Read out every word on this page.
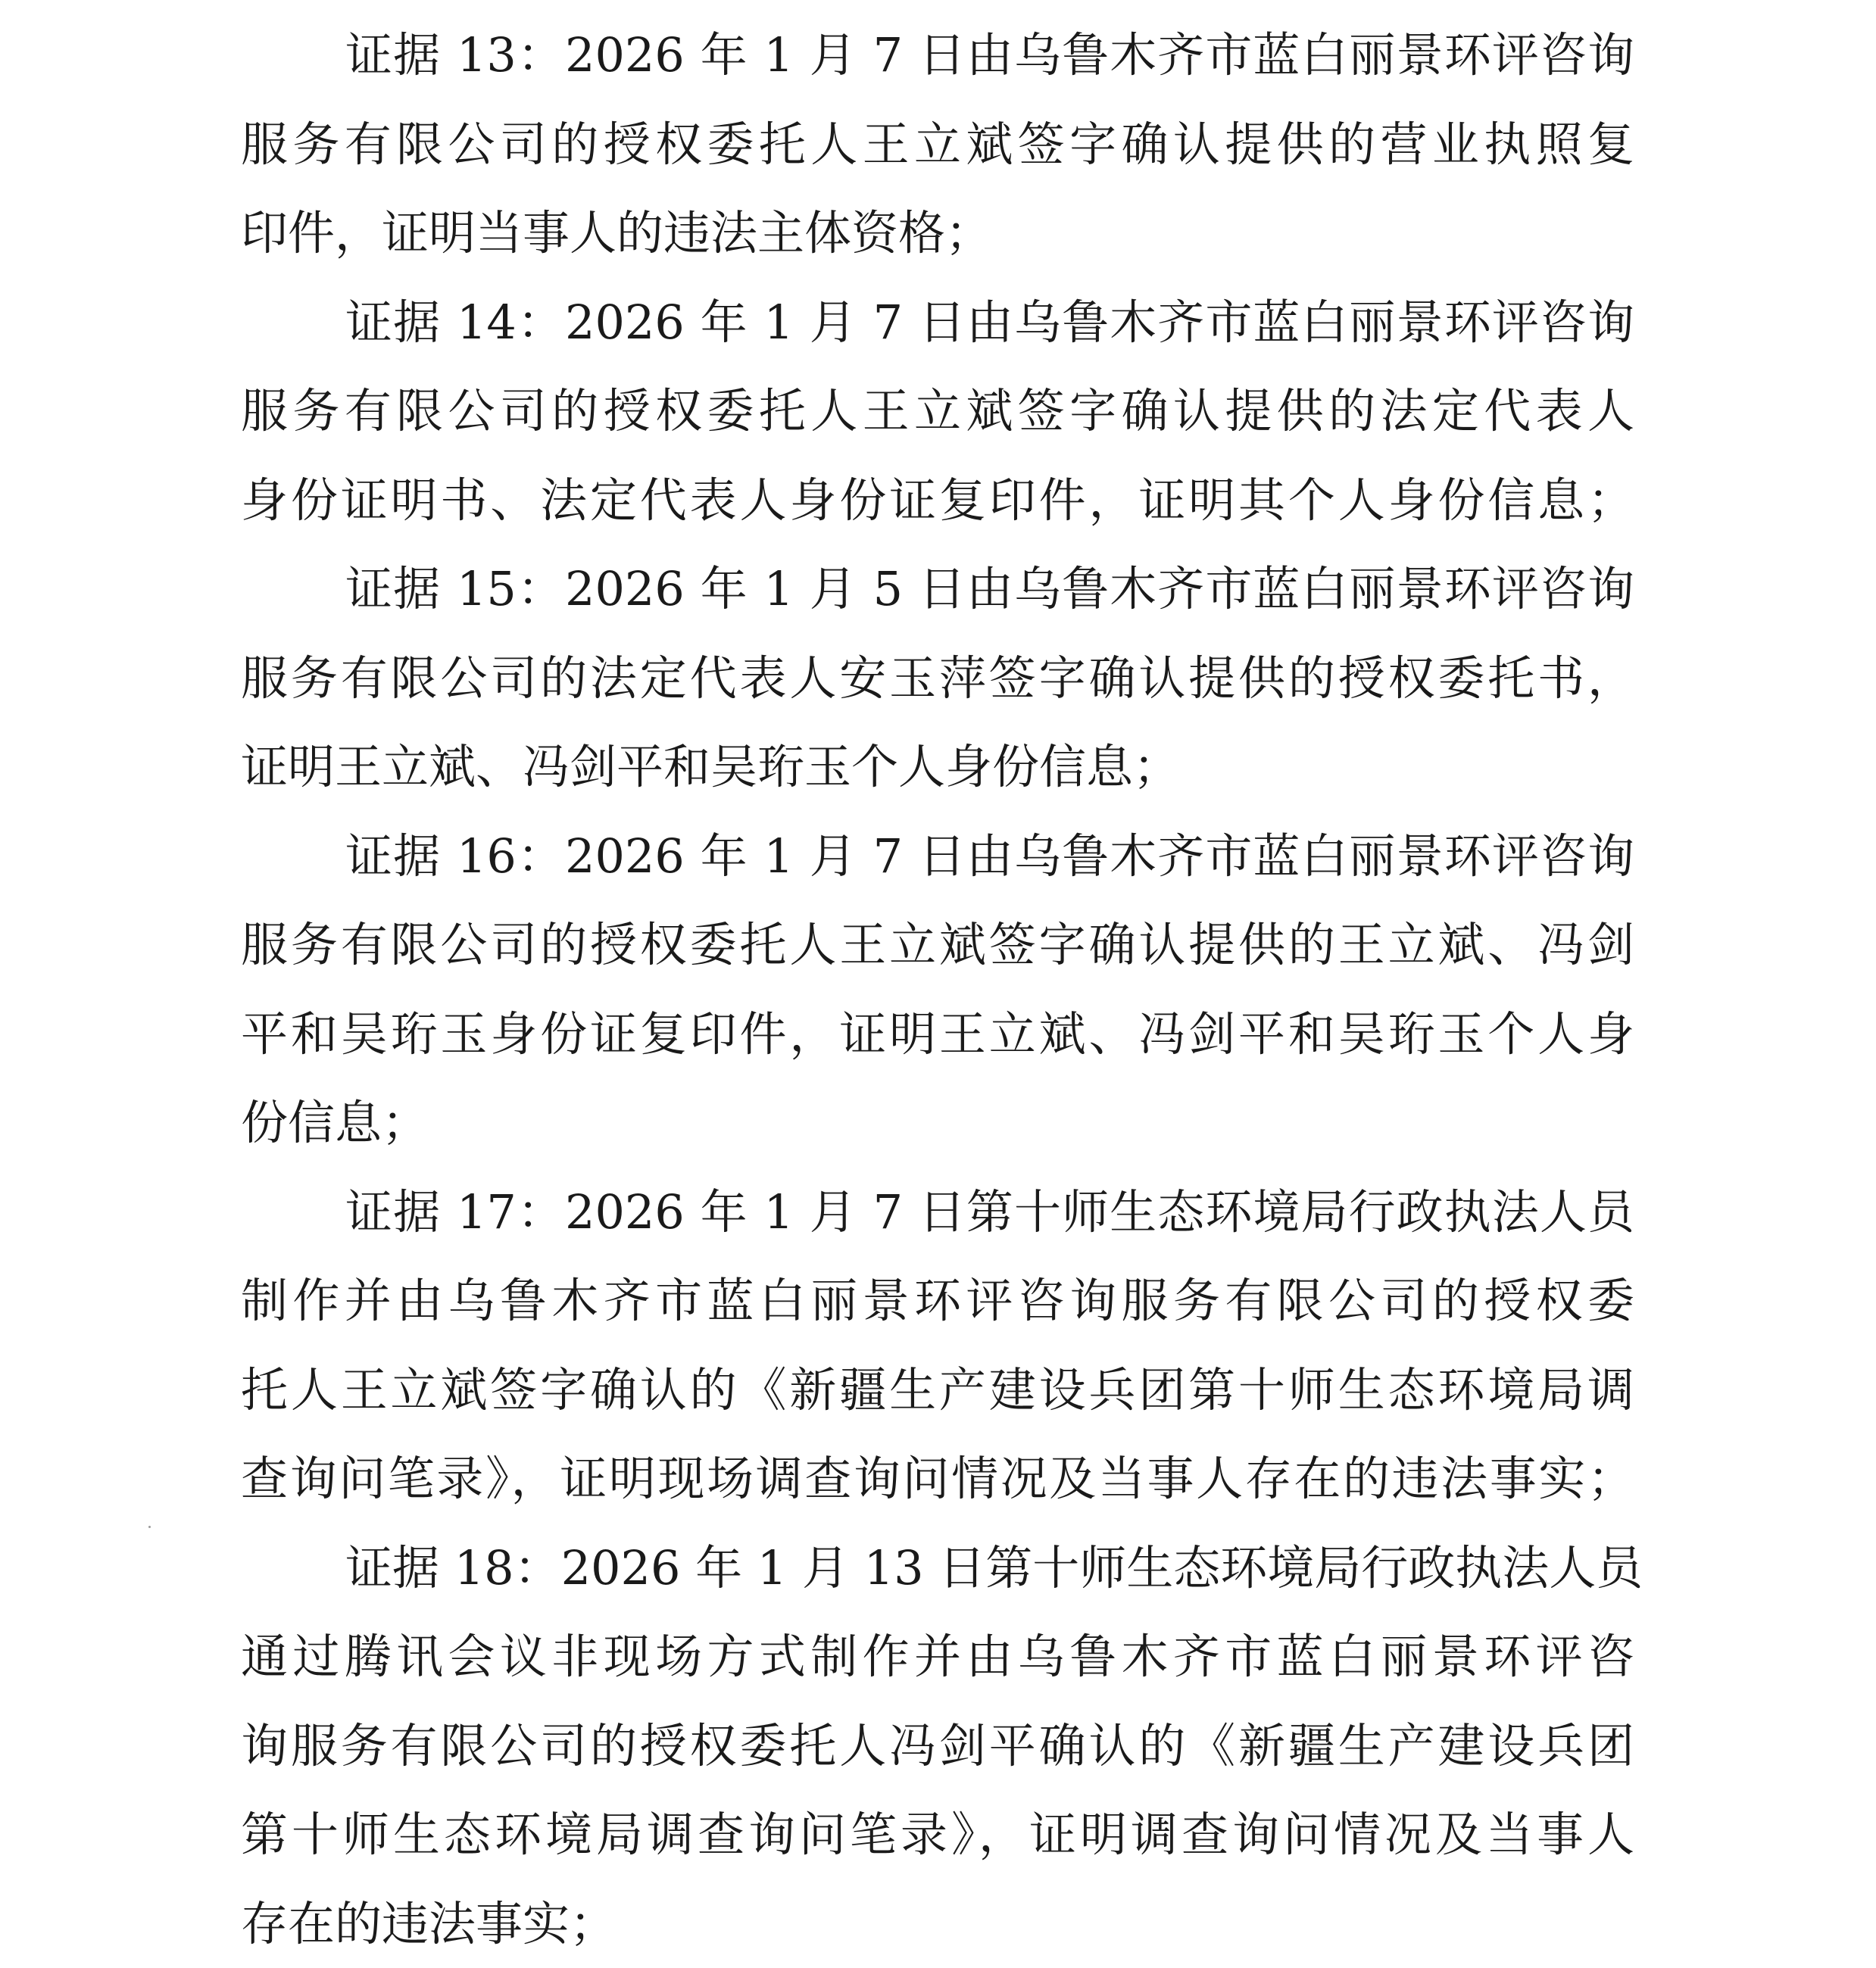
证据 13：2026 年 1 月 7 日由乌鲁木齐市蓝白丽景环评咨询
服务有限公司的授权委托人王立斌签字确认提供的营业执照复
印件，证明当事人的违法主体资格；
证据 14：2026 年 1 月 7 日由乌鲁木齐市蓝白丽景环评咨询
服务有限公司的授权委托人王立斌签字确认提供的法定代表人
身份证明书、法定代表人身份证复印件，证明其个人身份信息；
证据 15：2026 年 1 月 5 日由乌鲁木齐市蓝白丽景环评咨询
服务有限公司的法定代表人安玉萍签字确认提供的授权委托书，
证明王立斌、冯剑平和吴珩玉个人身份信息；
证据 16：2026 年 1 月 7 日由乌鲁木齐市蓝白丽景环评咨询
服务有限公司的授权委托人王立斌签字确认提供的王立斌、冯剑
平和吴珩玉身份证复印件，证明王立斌、冯剑平和吴珩玉个人身
份信息；
证据 17：2026 年 1 月 7 日第十师生态环境局行政执法人员
制作并由乌鲁木齐市蓝白丽景环评咨询服务有限公司的授权委
托人王立斌签字确认的《新疆生产建设兵团第十师生态环境局调
查询问笔录》，证明现场调查询问情况及当事人存在的违法事实；
证据 18：2026 年 1 月 13 日第十师生态环境局行政执法人员
通过腾讯会议非现场方式制作并由乌鲁木齐市蓝白丽景环评咨
询服务有限公司的授权委托人冯剑平确认的《新疆生产建设兵团
第十师生态环境局调查询问笔录》，证明调查询问情况及当事人
存在的违法事实；
